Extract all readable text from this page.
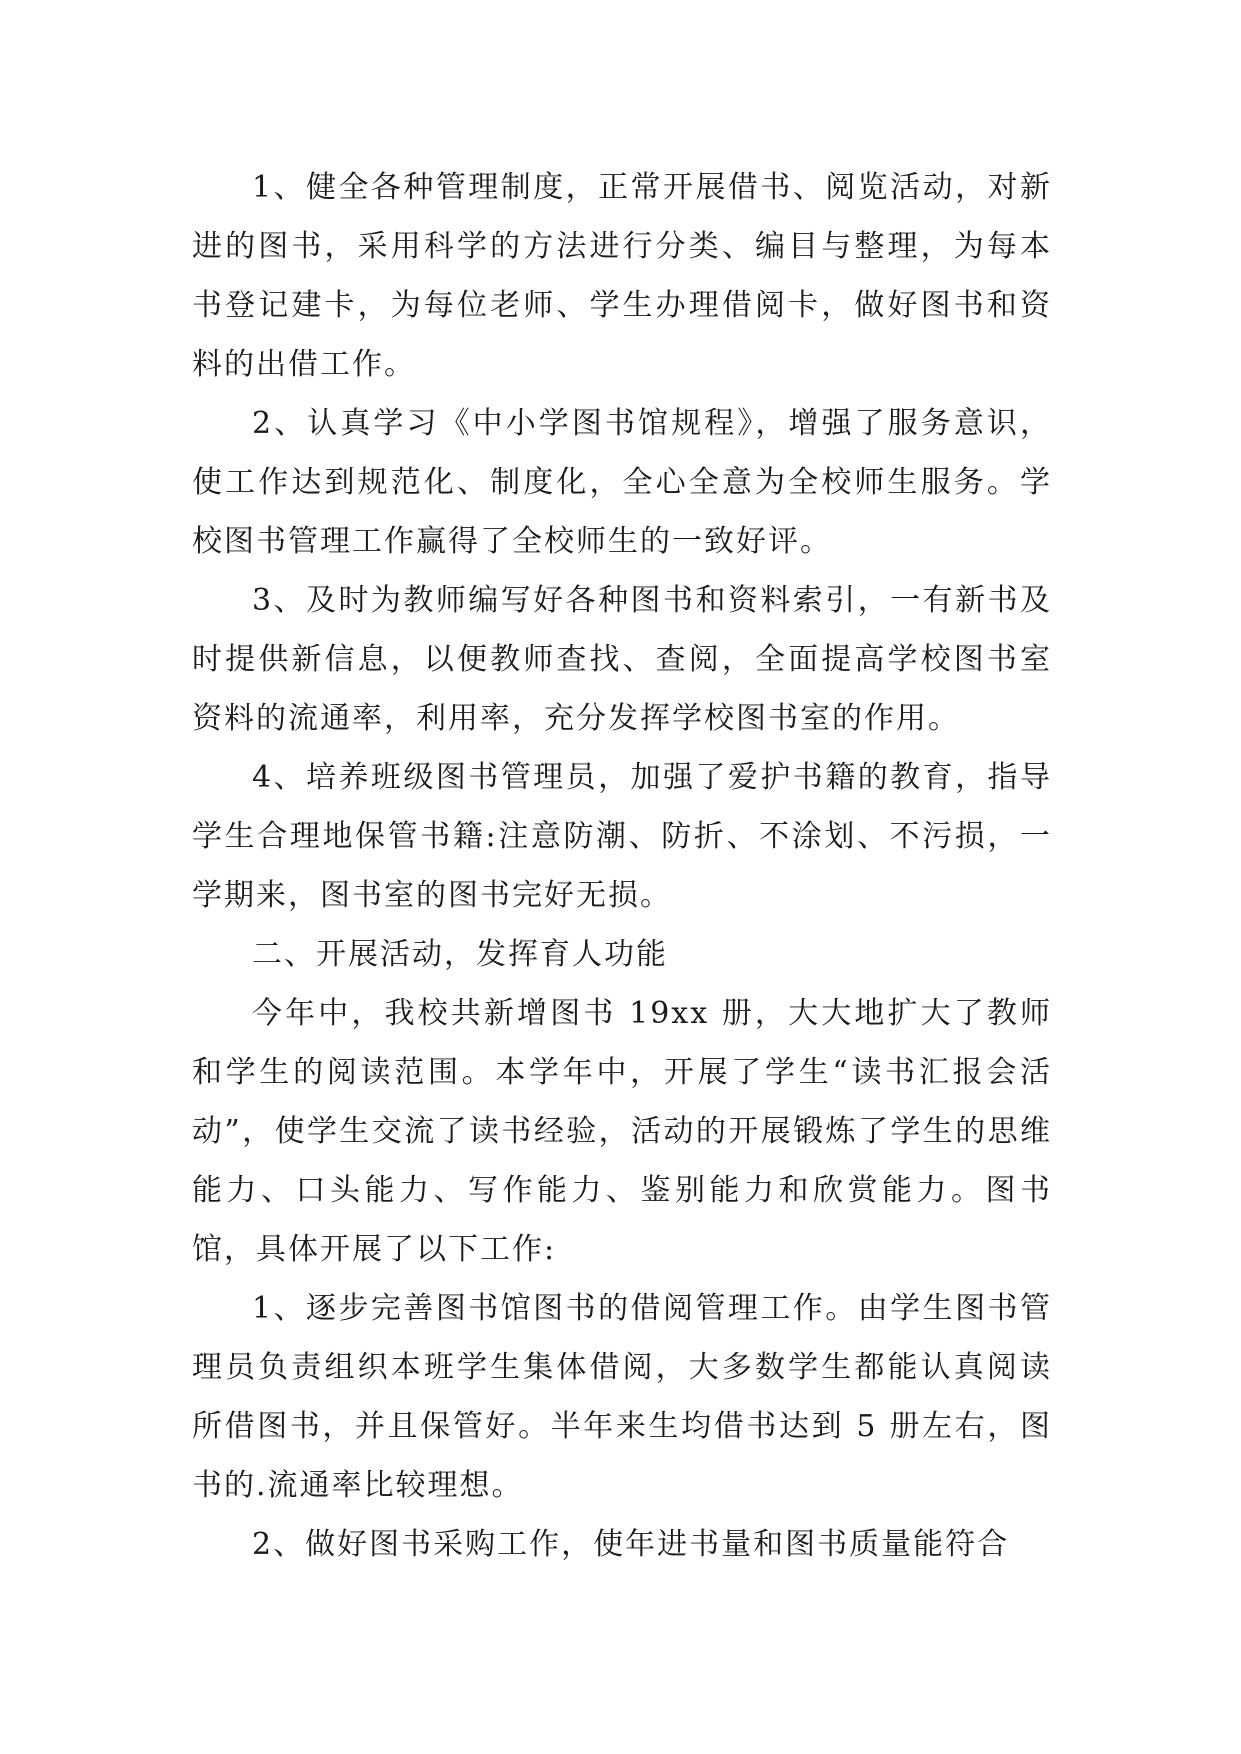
1、健全各种管理制度，正常开展借书、阅览活动，对新进的图书，采用科学的方法进行分类、编目与整理，为每本书登记建卡，为每位老师、学生办理借阅卡，做好图书和资料的出借工作。

2、认真学习《中小学图书馆规程》，增强了服务意识，使工作达到规范化、制度化，全心全意为全校师生服务。学校图书管理工作赢得了全校师生的一致好评。

3、及时为教师编写好各种图书和资料索引，一有新书及时提供新信息，以便教师查找、查阅，全面提高学校图书室资料的流通率，利用率，充分发挥学校图书室的作用。

4、培养班级图书管理员，加强了爱护书籍的教育，指导学生合理地保管书籍:注意防潮、防折、不涂划、不污损，一学期来，图书室的图书完好无损。

二、开展活动，发挥育人功能

今年中，我校共新增图书 19xx 册，大大地扩大了教师和学生的阅读范围。本学年中，开展了学生“读书汇报会活动”，使学生交流了读书经验，活动的开展锻炼了学生的思维能力、口头能力、写作能力、鉴别能力和欣赏能力。图书馆，具体开展了以下工作:

1、逐步完善图书馆图书的借阅管理工作。由学生图书管理员负责组织本班学生集体借阅，大多数学生都能认真阅读所借图书，并且保管好。半年来生均借书达到 5 册左右，图书的.流通率比较理想。

2、做好图书采购工作，使年进书量和图书质量能符合
